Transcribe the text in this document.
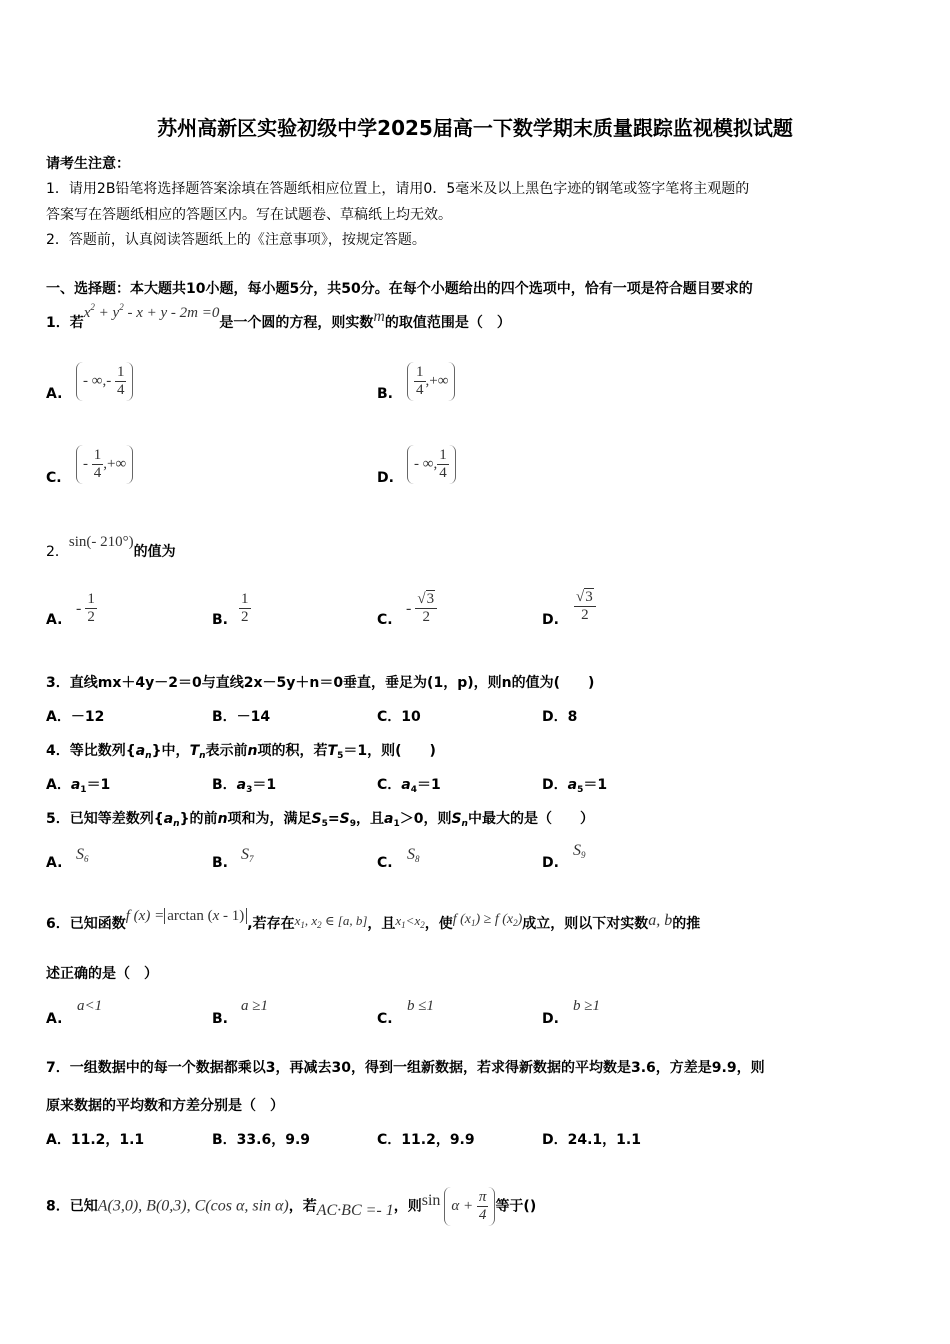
苏州高新区实验初级中学2025届高一下数学期末质量跟踪监视模拟试题
请考生注意：
1．请用2B铅笔将选择题答案涂填在答题纸相应位置上，请用0．5毫米及以上黑色字迹的钢笔或签字笔将主观题的
答案写在答题纸相应的答题区内。写在试题卷、草稿纸上均无效。
2．答题前，认真阅读答题纸上的《注意事项》，按规定答题。
一、选择题：本大题共10小题，每小题5分，共50分。在每个小题给出的四个选项中，恰有一项是符合题目要求的
1．若$x^2 + y^2 - x + y - 2m =0$是一个圆的方程，则实数m的取值范围是（　）
A.
- ∞,- $\frac{1}{4}$	B. $\frac{1}{4}$ ,+∞
C.
- $\frac{1}{4}$ ,+∞
D.
- ∞, $\frac{1}{4}$
2．sin(- 210°)的值为
A.
- $\frac{1}{2}$	B. $\frac{1}{2}$	C.
- $\frac{√3}{2}$	D. $\frac{√3}{2}$
3．直线mx＋4y－2＝0与直线2x－5y＋n＝0垂直，垂足为(1，p)，则n的值为(　　)
A．－12	B．－14	C．10	D．8
4．等比数列$\{a_n\}$中，$T_n$表示前n项的积，若$T_5=1$，则(　　)
A．$a_1=1$	B．$a_3=1$	C．$a_4=1$	D．$a_5=1$
5．已知等差数列$\{a_n\}$的前n项和为，满足$S_5=S_9$，且$a_1>0$，则$S_n$中最大的是（　　）
A. $S_6$	B. $S_7$	C. $S_8$	D.
$S_9$
6．已知函数f (x) = arctan (x - 1) ,若存在$x_1$, $x_2$ ∈ [a, b]，且$x_1<x_2$，使f $(x_1) \ge f$ $(x_2)$成立，则以下对实数a, b的推
述正确的是（　）
A.
a<1
B.
a ≥1
C.
b ≤1
D.
b ≥1
7．一组数据中的每一个数据都乘以3，再减去30，得到一组新数据，若求得新数据的平均数是3.6，方差是9.9，则
原来数据的平均数和方差分别是（　）
A．11.2，1.1	B．33.6，9.9	C．11.2，9.9	D．24.1，1.1
8．已知A(3,0), B(0,3), C(cos α, sin α)，若AC·BC =- 1，则$\sin \alpha + \frac{\pi}{4}$ 等于()
